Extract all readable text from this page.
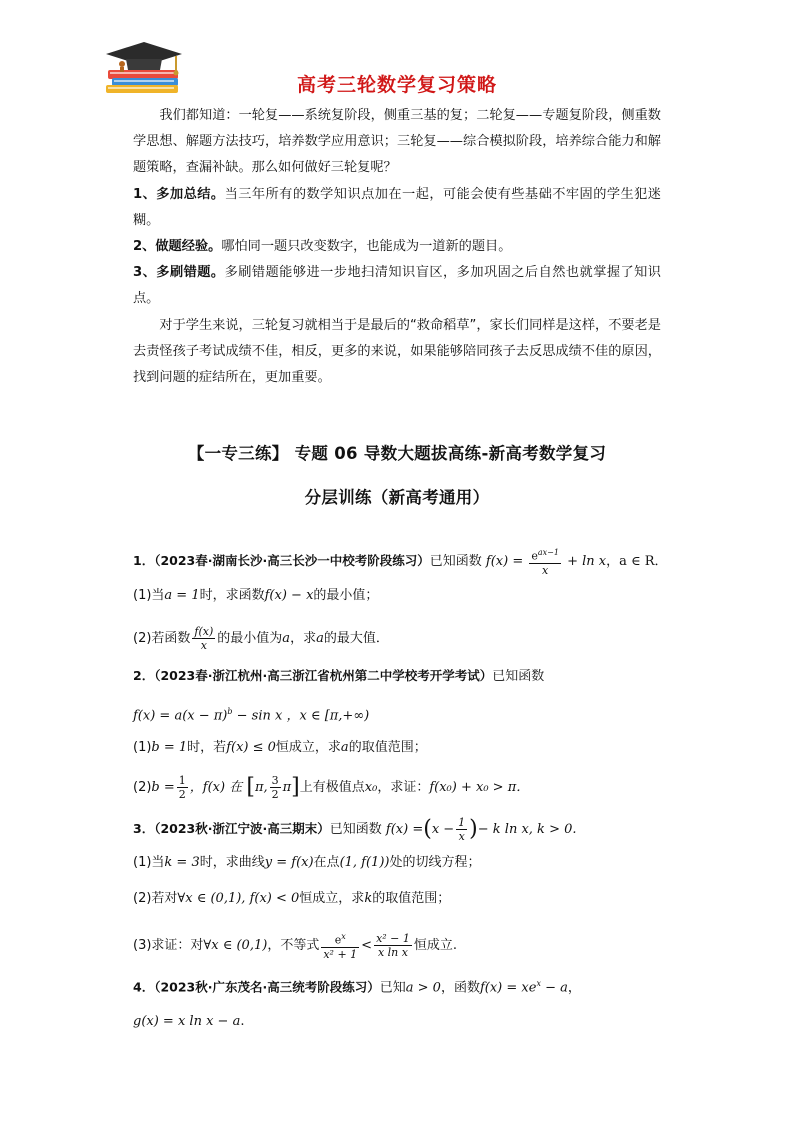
高考三轮数学复习策略

我们都知道：一轮复——系统复阶段，侧重三基的复；二轮复——专题复阶段，侧重数学思想、解题方法技巧，培养数学应用意识；三轮复——综合模拟阶段，培养综合能力和解题策略，查漏补缺。那么如何做好三轮复呢？

1、多加总结。当三年所有的数学知识点加在一起，可能会使有些基础不牢固的学生犯迷糊。

2、做题经验。哪怕同一题只改变数字，也能成为一道新的题目。

3、多刷错题。多刷错题能够进一步地扫清知识盲区，多加巩固之后自然也就掌握了知识点。

对于学生来说，三轮复习就相当于是最后的“救命稻草”，家长们同样是这样，不要老是去责怪孩子考试成绩不佳，相反，更多的来说，如果能够陪同孩子去反思成绩不佳的原因，找到问题的症结所在，更加重要。

【一专三练】 专题 06 导数大题拔高练-新高考数学复习
分层训练（新高考通用）
1．（2023春·湖南长沙·高三长沙一中校考阶段练习）已知函数 $f(x) = \frac{e^{ax-1}}{x} + \ln x$，a ∈ R．
(1)当a = 1时，求函数f(x) − x的最小值；
(2)若函数 $\frac{f(x)}{x}$ 的最小值为a，求a的最大值．
2．（2023春·浙江杭州·高三浙江省杭州第二中学校考开学考试）已知函数
$f(x) = a(x - \pi)^b - \sin x$ ，x ∈ [π,+∞)
(1)b = 1时，若f(x) ≤ 0恒成立，求a的取值范围；
$(2)b = \frac{1}{2}$ ，f(x) 在 [π, $\frac{3}{2} \pi$]上有极值点x₀，求证：f(x₀) + x₀ > π．
3．（2023秋·浙江宁波·高三期末）已知函数 $f(x) =(x - \frac{1}{x}$ )− k ln x, k > 0.
(1)当k = 3时，求曲线y = f(x)在点(1, f(1))处的切线方程；
(2)若对∀x ∈ (0,1), f(x) < 0恒成立，求k的取值范围；
(3)求证：对∀x ∈ (0,1)，不等式 $\frac{e^x}{\text{x² + 1}} < \frac{\text{x² − 1}}{\text{x ln x}}$ 恒成立.
4．（2023秋·广东茂名·高三统考阶段练习）已知a > 0，函数$f(x) = xe^x - a$，
g(x) = x ln x − a.
